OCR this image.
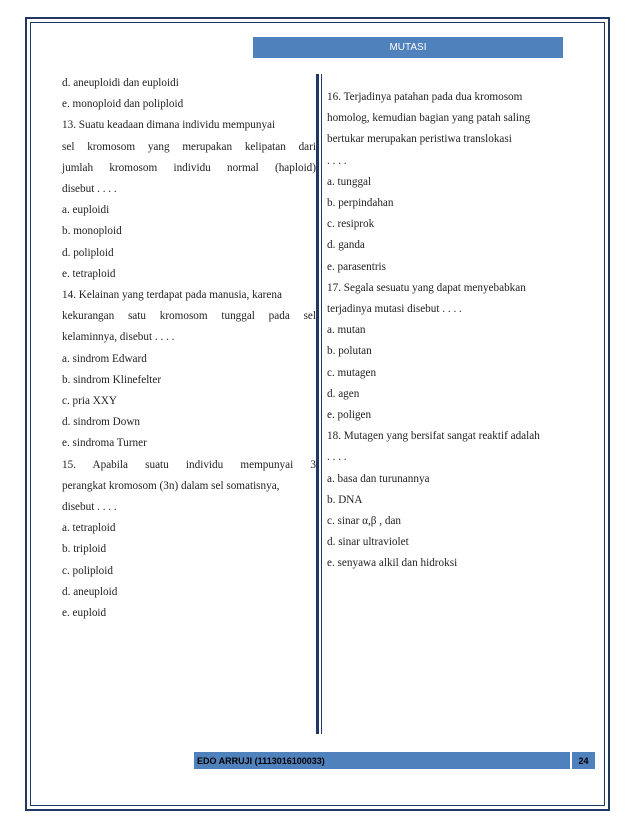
MUTASI

d. aneuploidi dan euploidi

e. monoploid dan poliploid

13. Suatu keadaan dimana individu mempunyai

sel kromosom yang merupakan kelipatan dari

jumlah kromosom individu normal (haploid)

disebut . . . .

a. euploidi

b. monoploid

d. poliploid

e. tetraploid

14. Kelainan yang terdapat pada manusia, karena

kekurangan satu kromosom tunggal pada sel

kelaminnya, disebut . . . .

a. sindrom Edward

b. sindrom Klinefelter

c. pria XXY

d. sindrom Down

e. sindroma Turner

15. Apabila suatu individu mempunyai 3

perangkat kromosom (3n) dalam sel somatisnya,

disebut . . . .

a. tetraploid

b. triploid

c. poliploid

d. aneuploid

e. euploid

16. Terjadinya patahan pada dua kromosom

homolog, kemudian bagian yang patah saling

bertukar merupakan peristiwa translokasi

. . . .

a. tunggal

b. perpindahan

c. resiprok

d. ganda

e. parasentris

17. Segala sesuatu yang dapat menyebabkan

terjadinya mutasi disebut . . . .

a. mutan

b. polutan

c. mutagen

d. agen

e. poligen

18. Mutagen yang bersifat sangat reaktif adalah

. . . .

a. basa dan turunannya

b. DNA

c. sinar α,β , dan

d. sinar ultraviolet

e. senyawa alkil dan hidroksi

EDO ARRUJI (1113016100033)	24
